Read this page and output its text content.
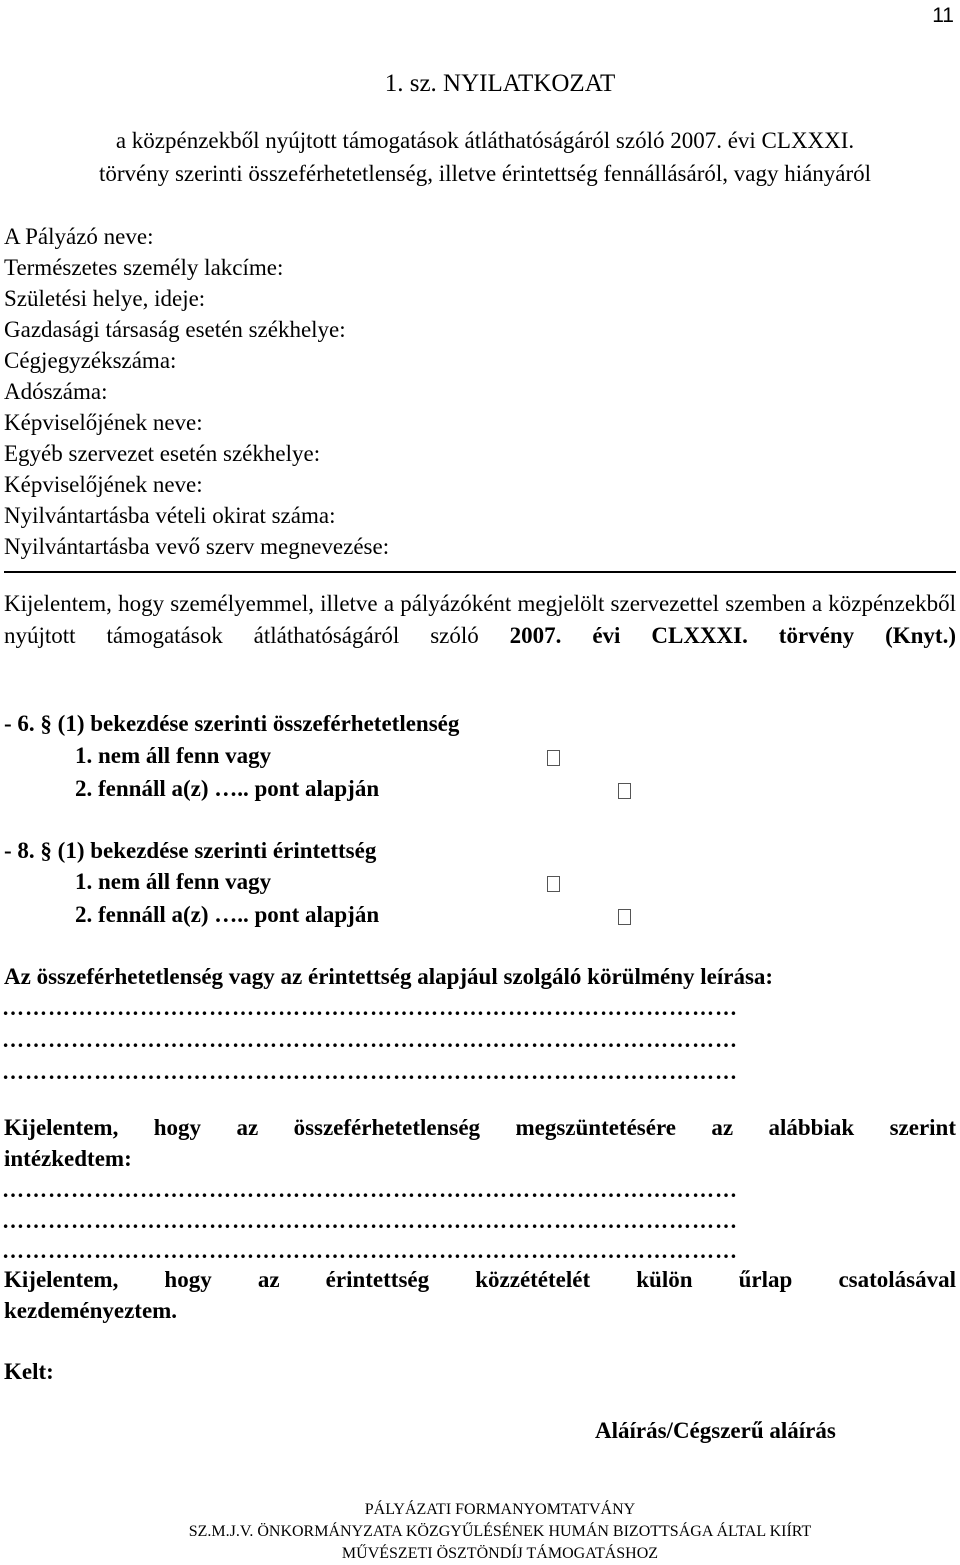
11
1. sz. NYILATKOZAT
a közpénzekből nyújtott támogatások átláthatóságáról szóló 2007. évi CLXXXI.
törvény szerinti összeférhetetlenség, illetve érintettség fennállásáról, vagy hiányáról
A Pályázó neve:
Természetes személy lakcíme:
Születési helye, ideje:
Gazdasági társaság esetén székhelye:
Cégjegyzékszáma:
Adószáma:
Képviselőjének neve:
Egyéb szervezet esetén székhelye:
Képviselőjének neve:
Nyilvántartásba vételi okirat száma:
Nyilvántartásba vevő szerv megnevezése:
Kijelentem, hogy személyemmel, illetve a pályázóként megjelölt szervezettel szemben a közpénzekből nyújtott támogatások átláthatóságáról szóló 2007. évi CLXXXI. törvény (Knyt.)
- 6. § (1) bekezdése szerinti összeférhetetlenség
1. nem áll fenn vagy
2. fennáll a(z) ….. pont alapján
- 8. § (1) bekezdése szerinti érintettség
1. nem áll fenn vagy
2. fennáll a(z) ….. pont alapján
Az összeférhetetlenség vagy az érintettség alapjául szolgáló körülmény leírása:
……………………………………………………………………………………
……………………………………………………………………………………
……………………………………………………………………………………
Kijelentem, hogy az összeférhetetlenség megszüntetésére az alábbiak szerint
intézkedtem:
……………………………………………………………………………………
……………………………………………………………………………………
……………………………………………………………………………………
Kijelentem, hogy az érintettség közzétételét külön űrlap csatolásával
kezdeményeztem.
Kelt:
Aláírás/Cégszerű aláírás
PÁLYÁZATI FORMANYOMTATVÁNY
SZ.M.J.V. ÖNKORMÁNYZATA KÖZGYŰLÉSÉNEK HUMÁN BIZOTTSÁGA ÁLTAL KIÍRT
MŰVÉSZETI ÖSZTÖNDÍJ TÁMOGATÁSHOZ
